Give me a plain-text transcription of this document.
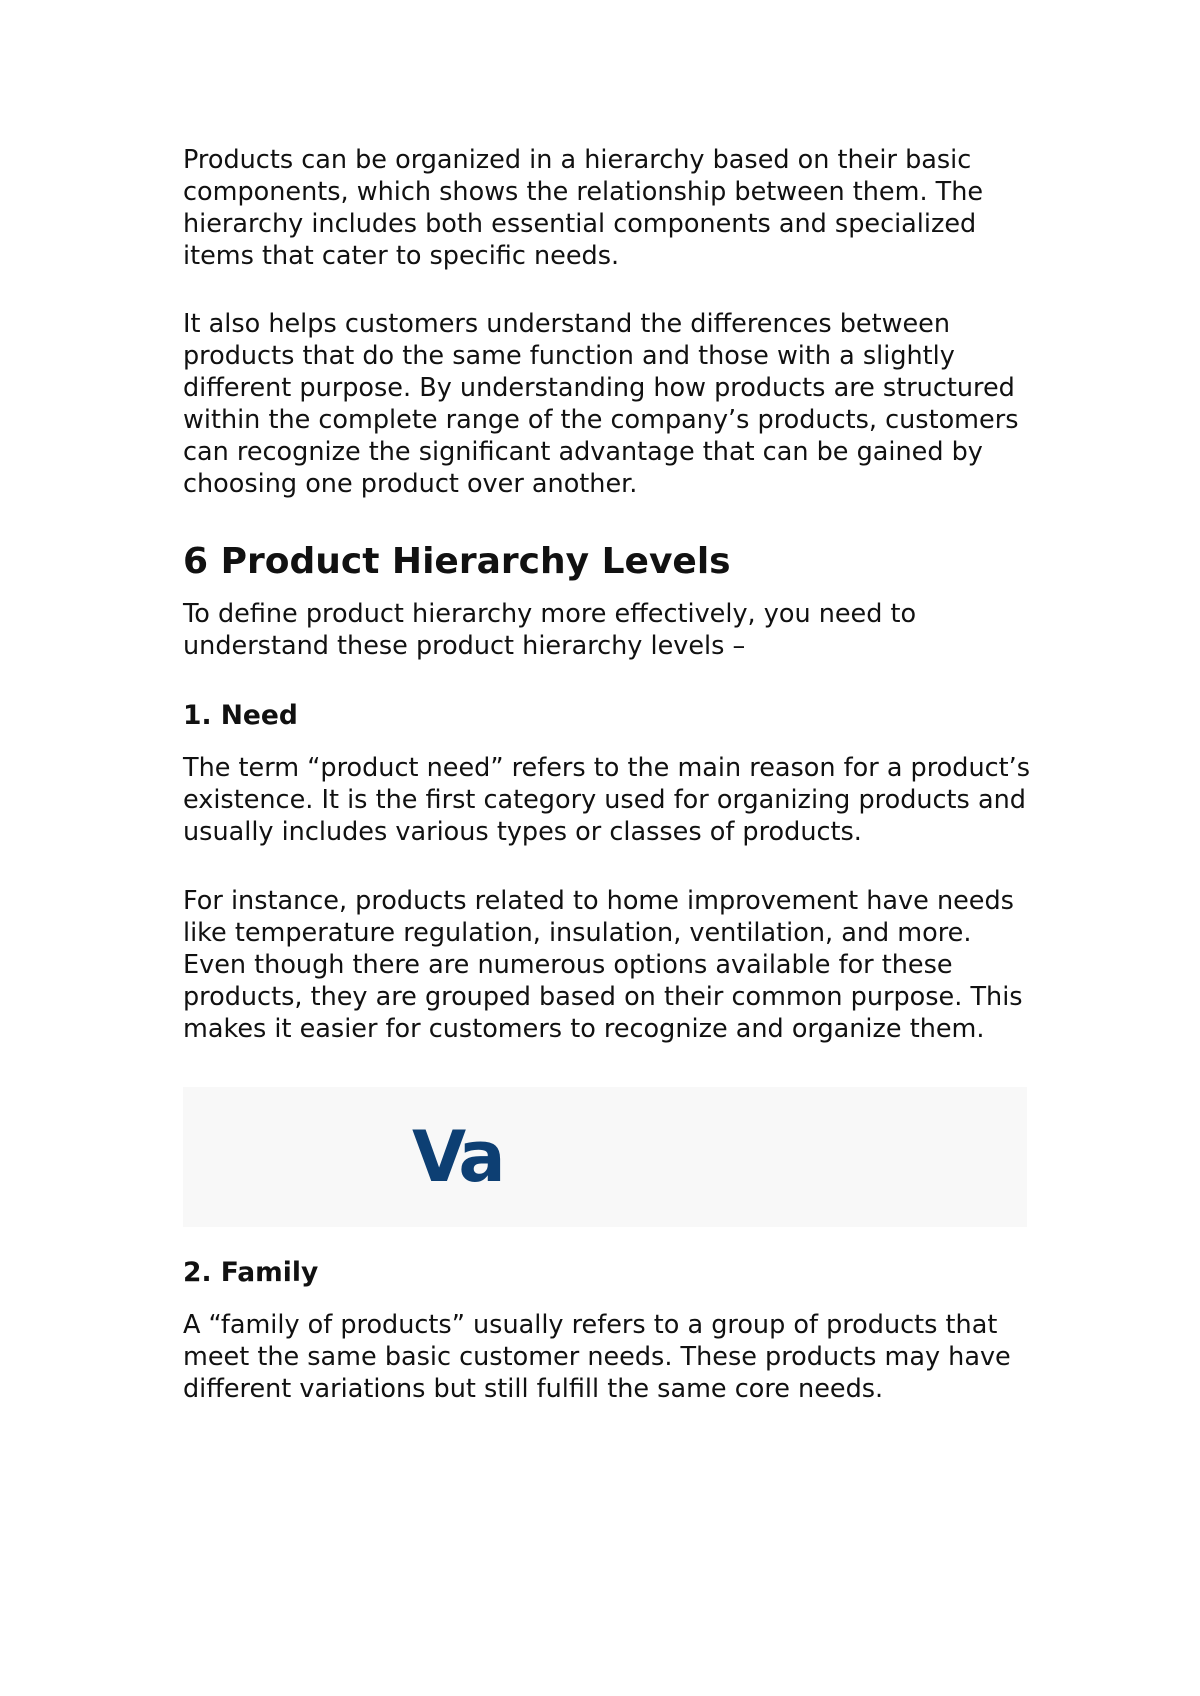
Products can be organized in a hierarchy based on their basic components, which shows the relationship between them. The hierarchy includes both essential components and specialized items that cater to specific needs.

It also helps customers understand the differences between products that do the same function and those with a slightly different purpose. By understanding how products are structured within the complete range of the company’s products, customers can recognize the significant advantage that can be gained by choosing one product over another.

6 Product Hierarchy Levels

To define product hierarchy more effectively, you need to understand these product hierarchy levels –

1. Need

The term “product need” refers to the main reason for a product’s existence. It is the first category used for organizing products and usually includes various types or classes of products.

For instance, products related to home improvement have needs like temperature regulation, insulation, ventilation, and more. Even though there are numerous options available for these products, they are grouped based on their common purpose. This makes it easier for customers to recognize and organize them.

Va
2. Family

A “family of products” usually refers to a group of products that meet the same basic customer needs. These products may have different variations but still fulfill the same core needs.
